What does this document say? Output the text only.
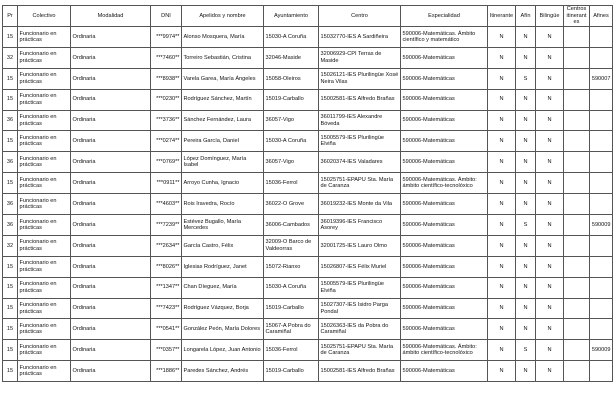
Pr	Colectivo	Modalidad	DNI	Apelidos y nombre	Ayuntamiento	Centro	Especialidad	Itinerante	Afín	Bilingüe	Centros itinerantes	Afines
15	Funcionario en prácticas	Ordinaria	***9974**	Alonso Mosquera, María	15030-A Coruña	15032770-IES A Sardiñeira	590006-Matemáticas. Ámbito científico y matemático	N	N	N		
32	Funcionario en prácticas	Ordinaria	***7460**	Torreiro Sebastián, Cristina	32046-Maside	32006929-CPI Terras de Maside	590006-Matemáticas	N	N	N		
15	Funcionario en prácticas	Ordinaria	***8938**	Varela Garea, María Ángeles	15058-Oleiros	15026121-IES Plurilingüe Xosé Neira Vilas	590006-Matemáticas	N	S	N		590007
15	Funcionario en prácticas	Ordinaria	***0230**	Rodríguez Sánchez, Martín	15019-Carballo	15002581-IES Alfredo Brañas	590006-Matemáticas	N	N	N		
36	Funcionario en prácticas	Ordinaria	***3736**	Sánchez Fernández, Laura	36057-Vigo	36011799-IES Alexandre Bóveda	590006-Matemáticas	N	N	N		
15	Funcionario en prácticas	Ordinaria	***0274**	Pereira García, Daniel	15030-A Coruña	15005579-IES Plurilingüe Elviña	590006-Matemáticas	N	N	N		
36	Funcionario en prácticas	Ordinaria	***0769**	López Domínguez, María Isabel	36057-Vigo	36020374-IES Valadares	590006-Matemáticas	N	N	N		
15	Funcionario en prácticas	Ordinaria	***0911**	Arroyo Cunha, Ignacio	15036-Ferrol	15025751-EPAPU Sta. María de Caranza	590006-Matemáticas. Ámbito: ámbito científico-tecnolóxico	N	N	N		
36	Funcionario en prácticas	Ordinaria	***4603**	Rois Iravedra, Rocío	36022-O Grove	36019232-IES Monte da Vila	590006-Matemáticas	N	N	N		
36	Funcionario en prácticas	Ordinaria	***7239**	Estévez Bugallo, María Mercedes	36006-Cambados	36019396-IES Francisco Asorey	590006-Matemáticas	N	S	N		590009
32	Funcionario en prácticas	Ordinaria	***2634**	García Castro, Félix	32009-O Barco de Valdeorras	32001725-IES Lauro Olmo	590006-Matemáticas	N	N	N		
15	Funcionario en prácticas	Ordinaria	***8026**	Iglesias Rodríguez, Janet	15072-Rianxo	15026807-IES Félix Muriel	590006-Matemáticas	N	N	N		
15	Funcionario en prácticas	Ordinaria	***1347**	Chan Díeguez, María	15030-A Coruña	15005579-IES Plurilingüe Elviña	590006-Matemáticas	N	N	N		
15	Funcionario en prácticas	Ordinaria	***7423**	Rodríguez Vázquez, Borja	15019-Carballo	15027307-IES Isidro Parga Pondal	590006-Matemáticas	N	N	N		
15	Funcionario en prácticas	Ordinaria	***0541**	González Peón, María Dolores	15067-A Pobra do Caramiñal	15026363-IES da Pobra do Caramiñal	590006-Matemáticas	N	N	N		
15	Funcionario en prácticas	Ordinaria	***0357**	Longarela López, Juan Antonio	15036-Ferrol	15025751-EPAPU Sta. María de Caranza	590006-Matemáticas. Ámbito: ámbito científico-tecnolóxico	N	S	N		590009
15	Funcionario en prácticas	Ordinaria	***1886**	Paredes Sánchez, Andrés	15019-Carballo	15002581-IES Alfredo Brañas	590006-Matemáticas	N	N	N		
